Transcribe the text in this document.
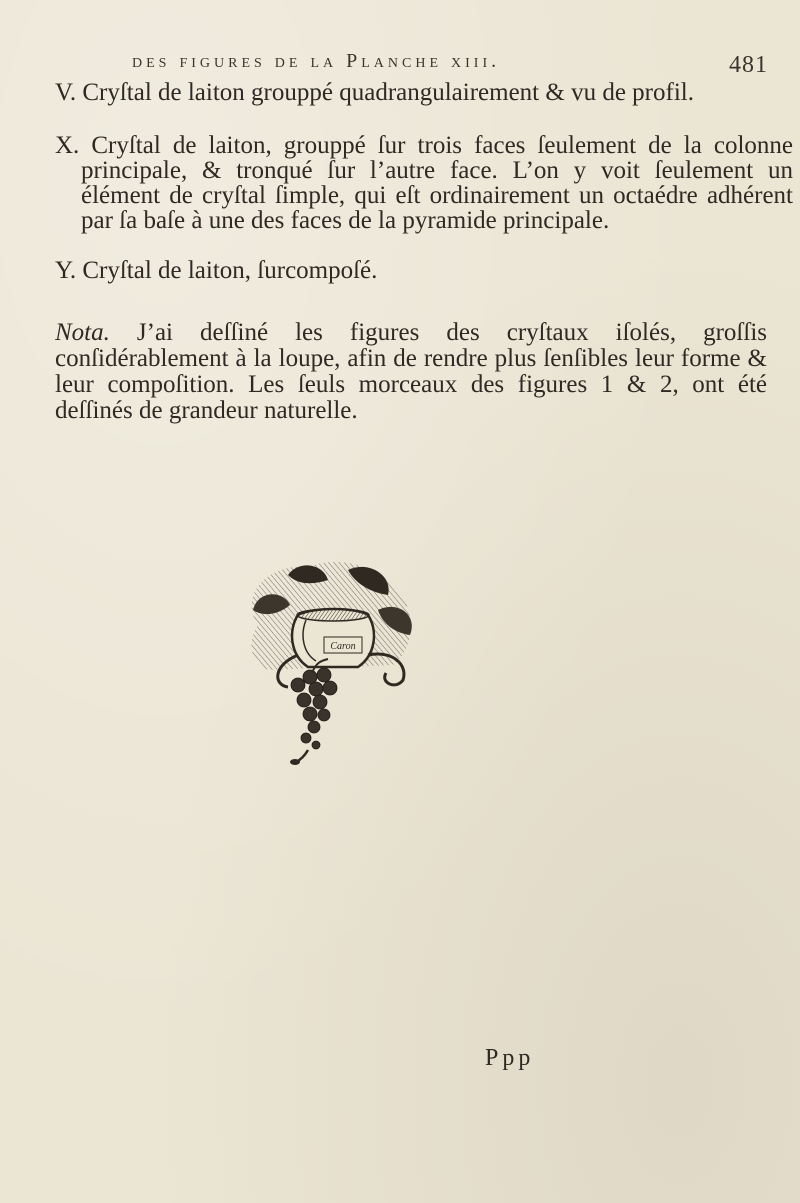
des figures de la Planche xiii.	481

V. Cryſtal de laiton grouppé quadrangulairement & vu de profil.

X. Cryſtal de laiton, grouppé ſur trois faces ſeulement de la colonne principale, & tronqué ſur l’autre face. L’on y voit ſeulement un élément de cryſtal ſimple, qui eſt ordinairement un octaédre adhérent par ſa baſe à une des faces de la pyramide principale.

Y. Cryſtal de laiton, ſurcompoſé.

Nota. J’ai deſſiné les figures des cryſtaux iſolés, groſſis conſidérablement à la loupe, afin de rendre plus ſenſibles leur forme & leur compoſition. Les ſeuls morceaux des figures 1 & 2, ont été deſſinés de grandeur naturelle.

Caron
Ppp
